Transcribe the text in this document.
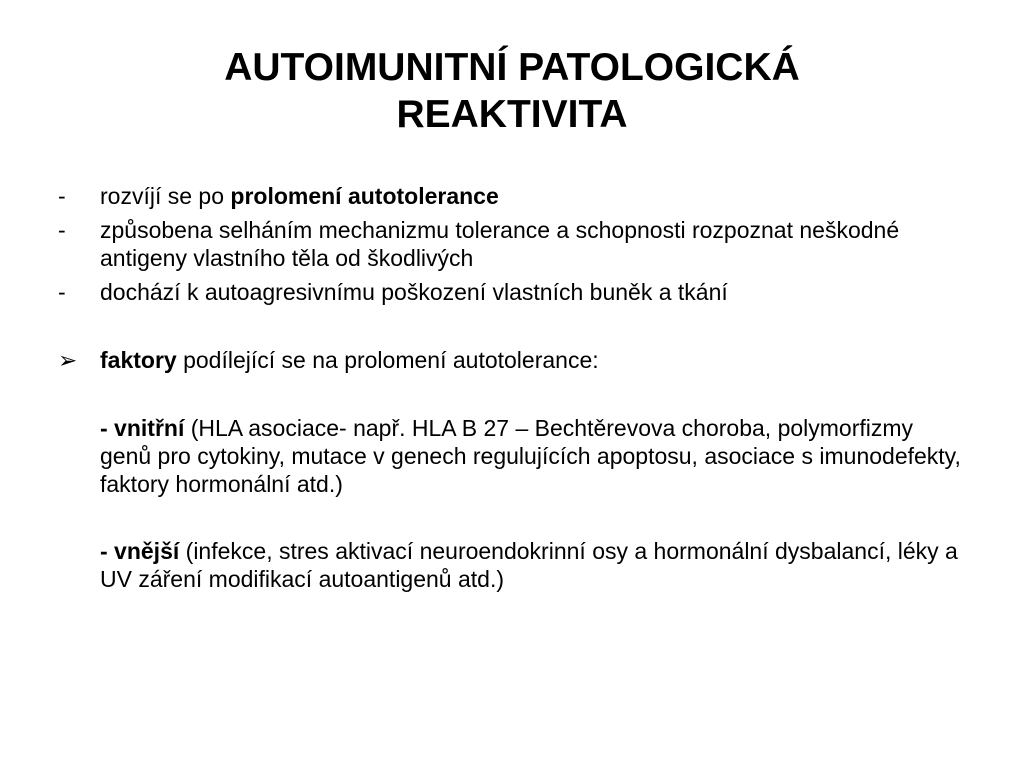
AUTOIMUNITNÍ PATOLOGICKÁ
REAKTIVITA
-	rozvíjí se po prolomení autotolerance
-	způsobena selháním mechanizmu tolerance a schopnosti rozpoznat neškodné antigeny vlastního těla od škodlivých
-	dochází k autoagresivnímu poškození vlastních buněk a tkání
➢ faktory podílející se na prolomení autotolerance:
- vnitřní (HLA asociace- např. HLA B 27 – Bechtěrevova choroba, polymorfizmy genů pro cytokiny, mutace v genech regulujících apoptosu, asociace s imunodefekty, faktory hormonální atd.)
- vnější (infekce, stres aktivací neuroendokrinní osy a hormonální dysbalancí, léky a UV záření modifikací autoantigenů atd.)
